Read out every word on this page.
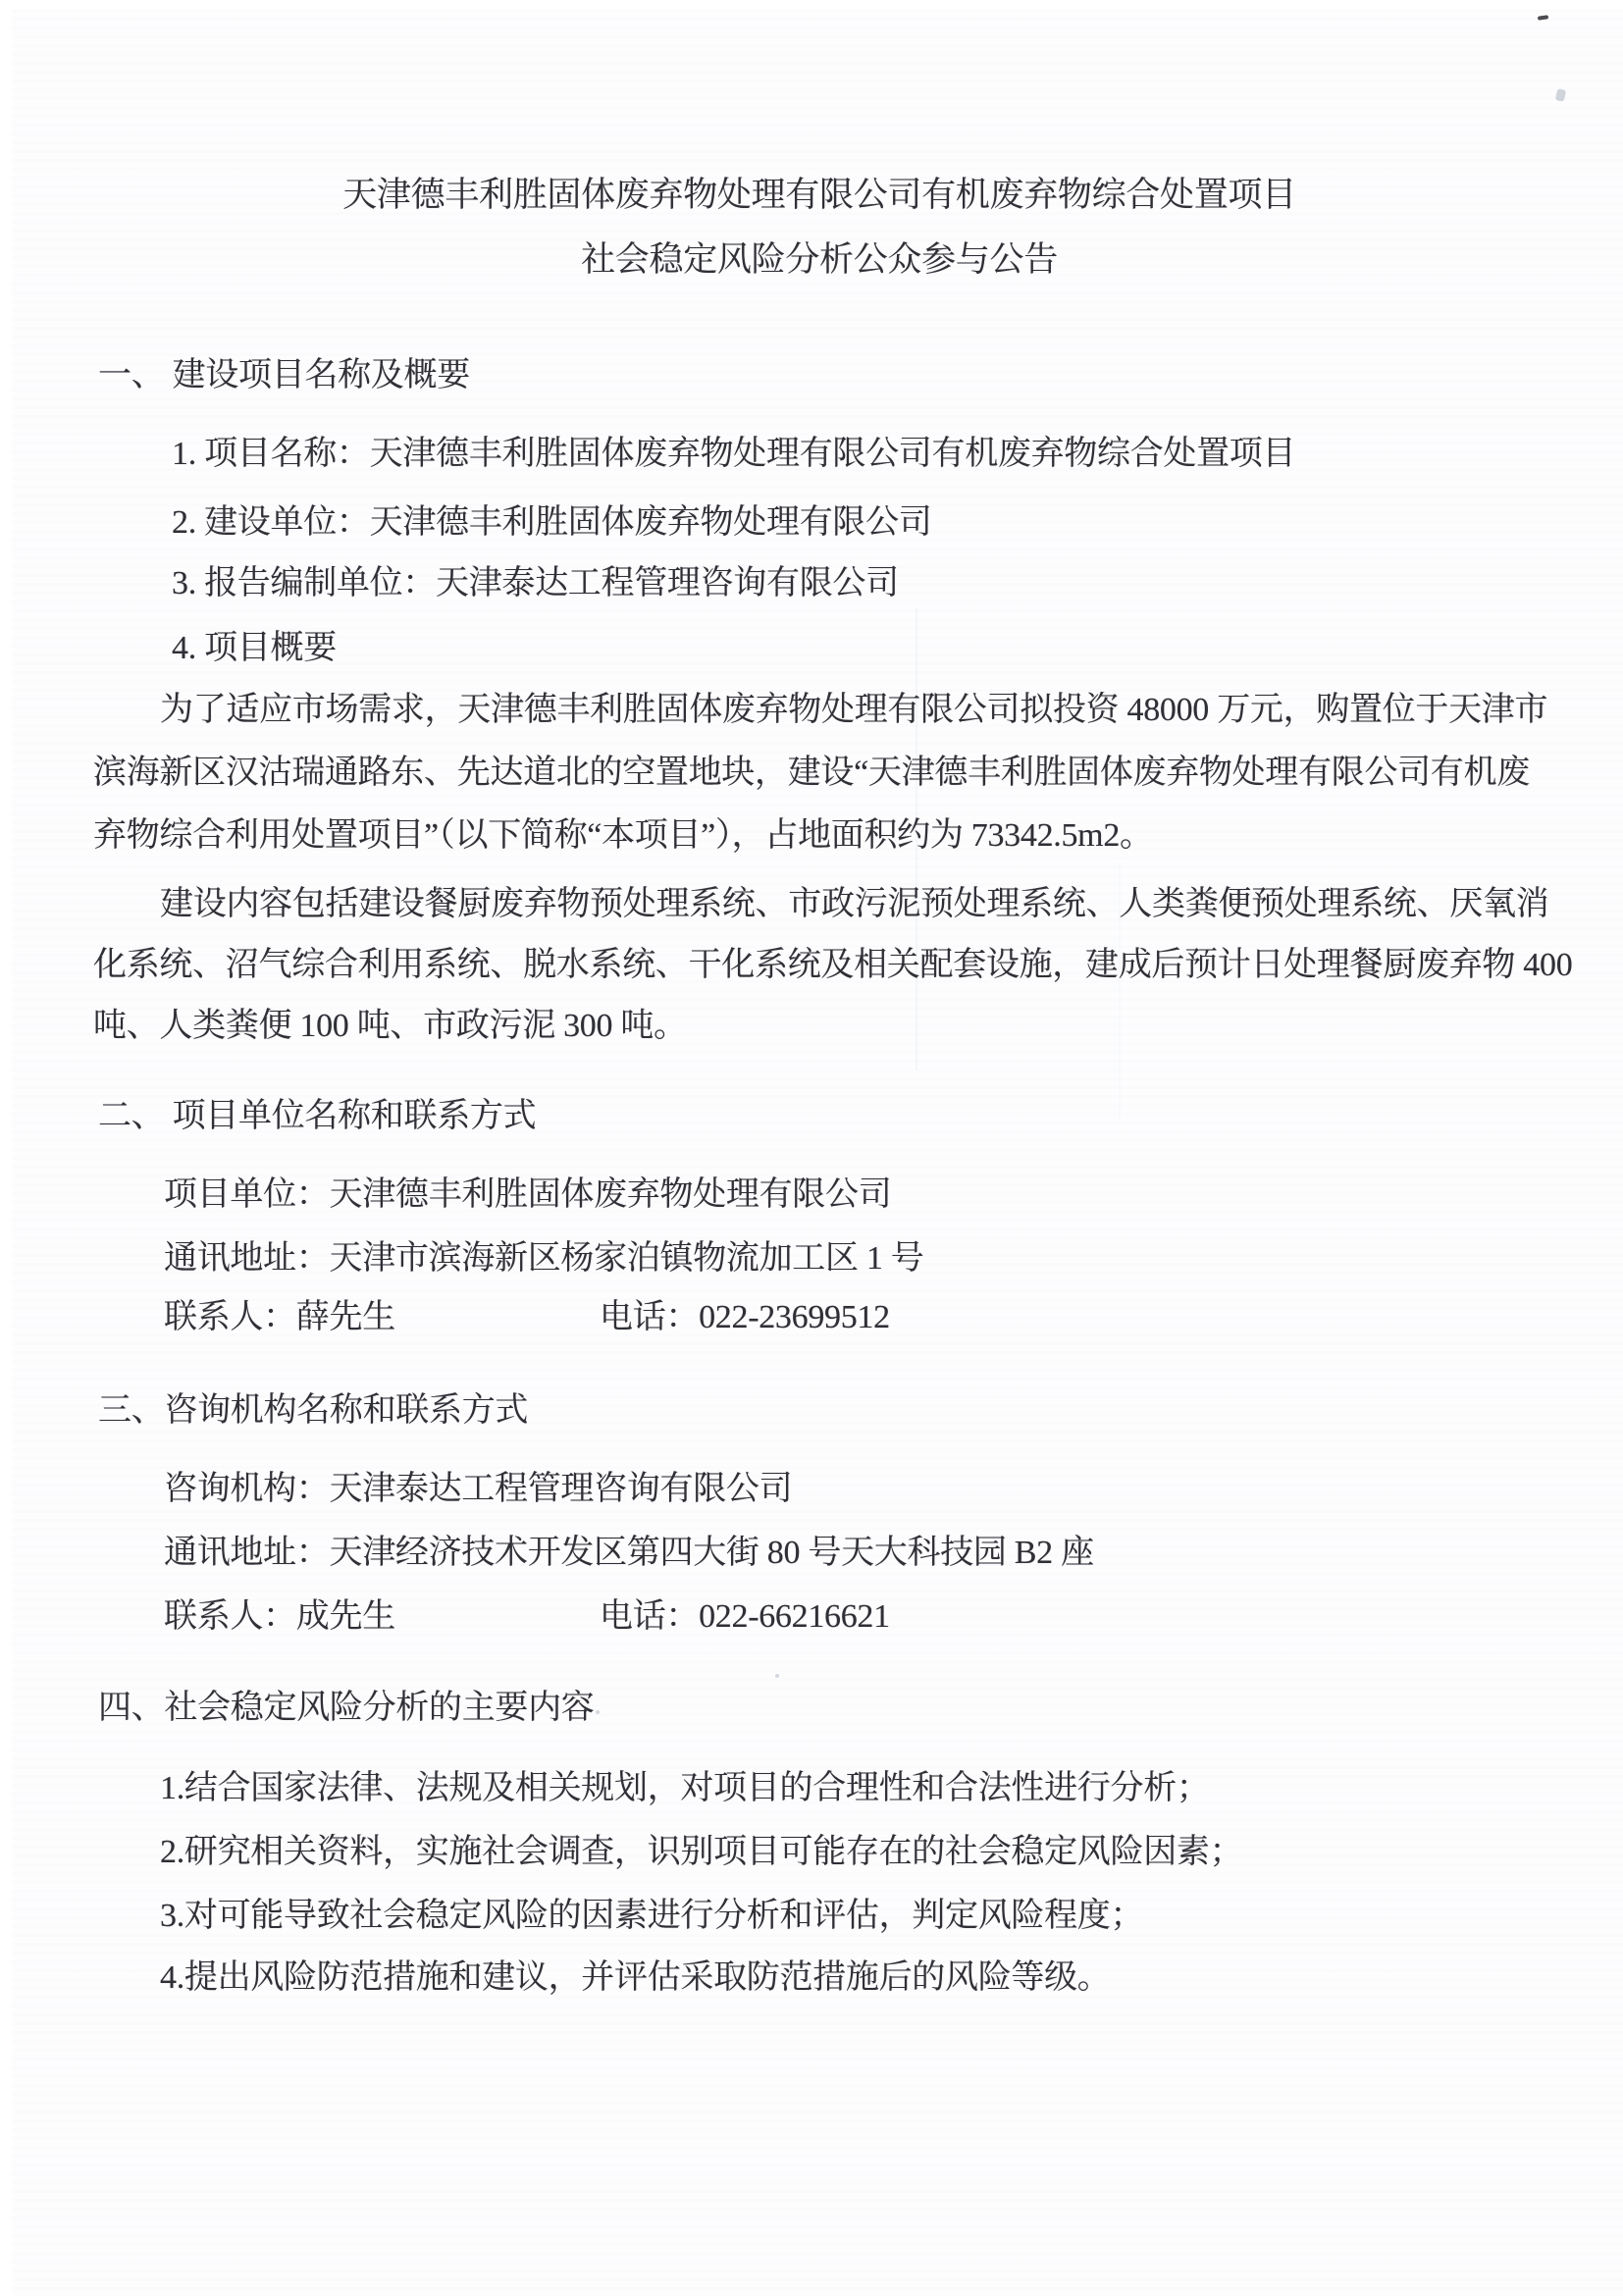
天津德丰利胜固体废弃物处理有限公司有机废弃物综合处置项目
社会稳定风险分析公众参与公告
一、 建设项目名称及概要
1. 项目名称：天津德丰利胜固体废弃物处理有限公司有机废弃物综合处置项目
2. 建设单位：天津德丰利胜固体废弃物处理有限公司
3. 报告编制单位：天津泰达工程管理咨询有限公司
4. 项目概要
为了适应市场需求，天津德丰利胜固体废弃物处理有限公司拟投资 48000 万元，购置位于天津市
滨海新区汉沽瑞通路东、先达道北的空置地块，建设“天津德丰利胜固体废弃物处理有限公司有机废
弃物综合利用处置项目”（以下简称“本项目”），占地面积约为 73342.5m2。
建设内容包括建设餐厨废弃物预处理系统、市政污泥预处理系统、人类粪便预处理系统、厌氧消
化系统、沼气综合利用系统、脱水系统、干化系统及相关配套设施，建成后预计日处理餐厨废弃物 400
吨、人类粪便 100 吨、市政污泥 300 吨。
二、 项目单位名称和联系方式
项目单位：天津德丰利胜固体废弃物处理有限公司
通讯地址：天津市滨海新区杨家泊镇物流加工区 1 号
联系人：薛先生	电话：022-23699512
三、咨询机构名称和联系方式
咨询机构：天津泰达工程管理咨询有限公司
通讯地址：天津经济技术开发区第四大街 80 号天大科技园 B2 座
联系人：成先生	电话：022-66216621
四、社会稳定风险分析的主要内容
1.结合国家法律、法规及相关规划，对项目的合理性和合法性进行分析；
2.研究相关资料，实施社会调查，识别项目可能存在的社会稳定风险因素；
3.对可能导致社会稳定风险的因素进行分析和评估，判定风险程度；
4.提出风险防范措施和建议，并评估采取防范措施后的风险等级。
